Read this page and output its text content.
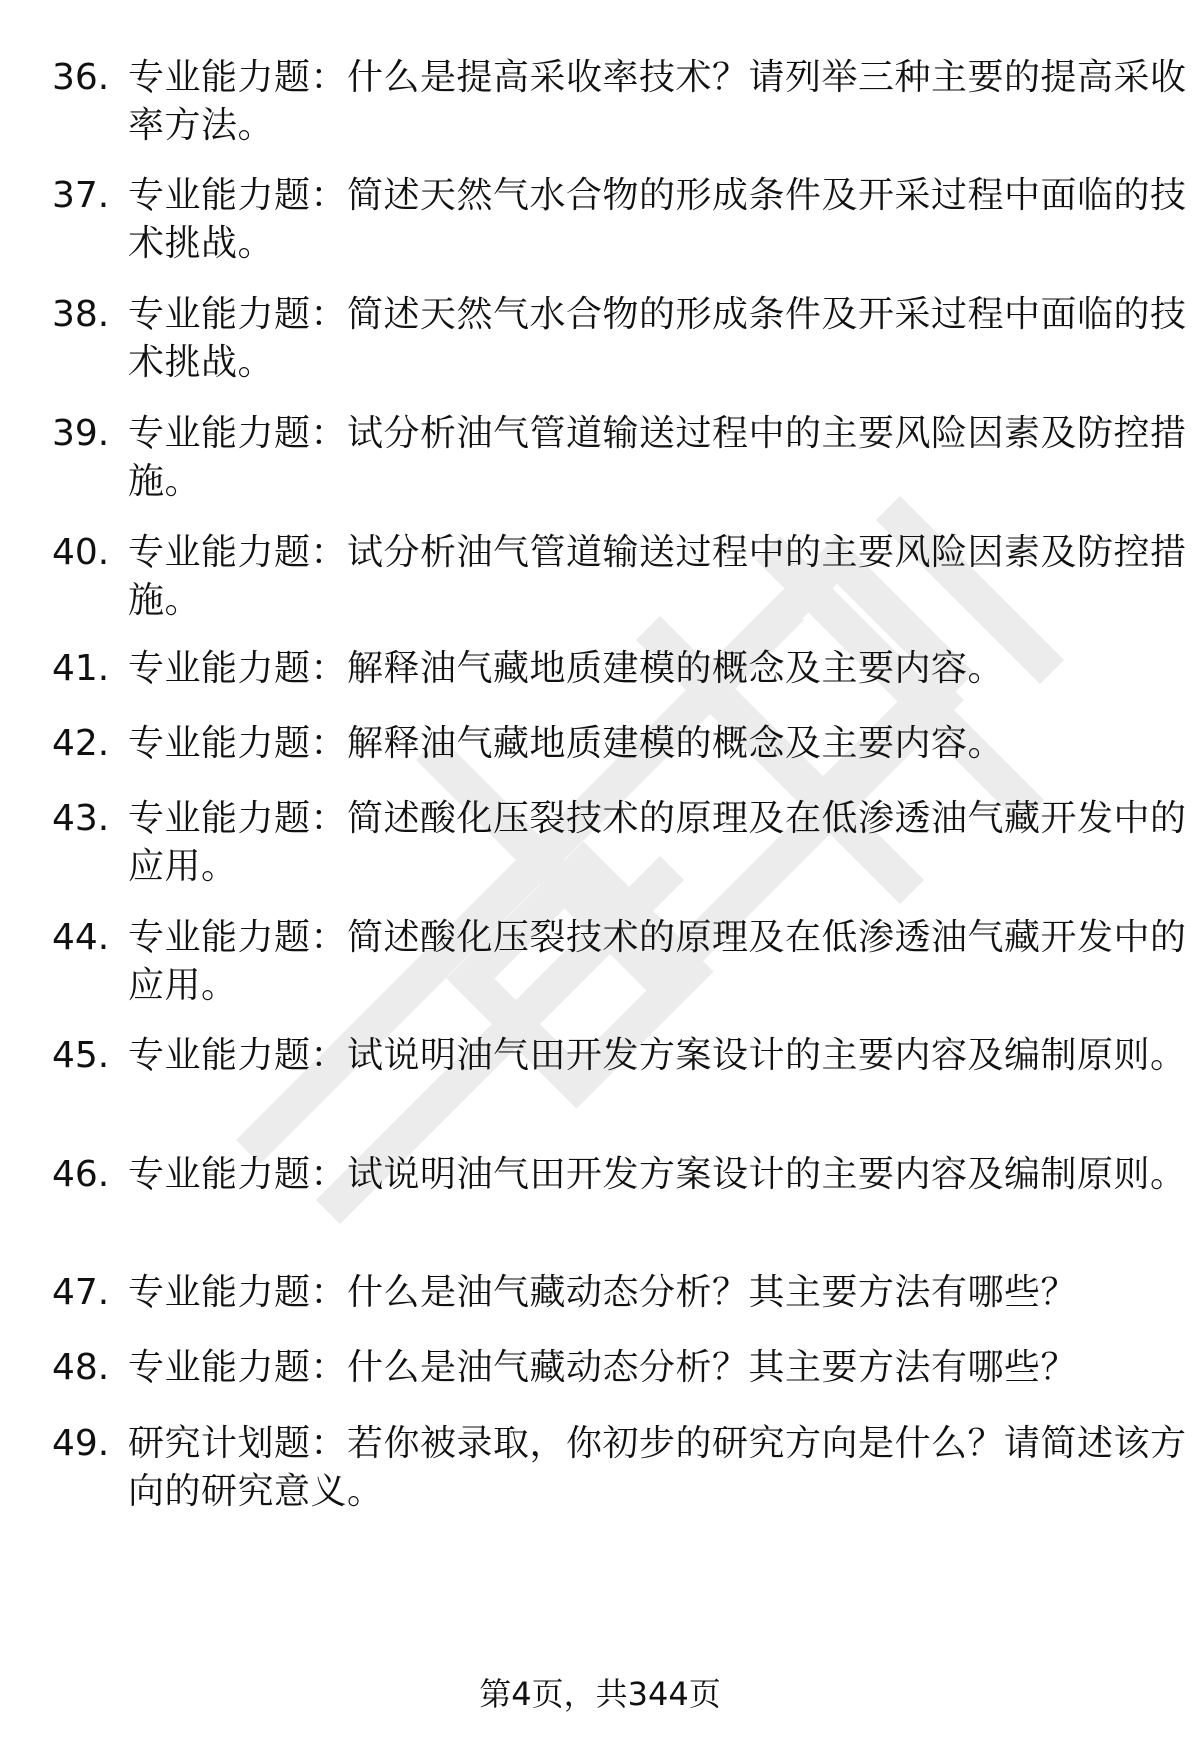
36. 专业能力题：什么是提高采收率技术？请列举三种主要的提高采收率方法。
37. 专业能力题：简述天然气水合物的形成条件及开采过程中面临的技术挑战。
38. 专业能力题：简述天然气水合物的形成条件及开采过程中面临的技术挑战。
39. 专业能力题：试分析油气管道输送过程中的主要风险因素及防控措施。
40. 专业能力题：试分析油气管道输送过程中的主要风险因素及防控措施。
41. 专业能力题：解释油气藏地质建模的概念及主要内容。
42. 专业能力题：解释油气藏地质建模的概念及主要内容。
43. 专业能力题：简述酸化压裂技术的原理及在低渗透油气藏开发中的应用。
44. 专业能力题：简述酸化压裂技术的原理及在低渗透油气藏开发中的应用。
45. 专业能力题：试说明油气田开发方案设计的主要内容及编制原则。
46. 专业能力题：试说明油气田开发方案设计的主要内容及编制原则。
47. 专业能力题：什么是油气藏动态分析？其主要方法有哪些？
48. 专业能力题：什么是油气藏动态分析？其主要方法有哪些？
49. 研究计划题：若你被录取，你初步的研究方向是什么？请简述该方向的研究意义。
第4页，共344页
